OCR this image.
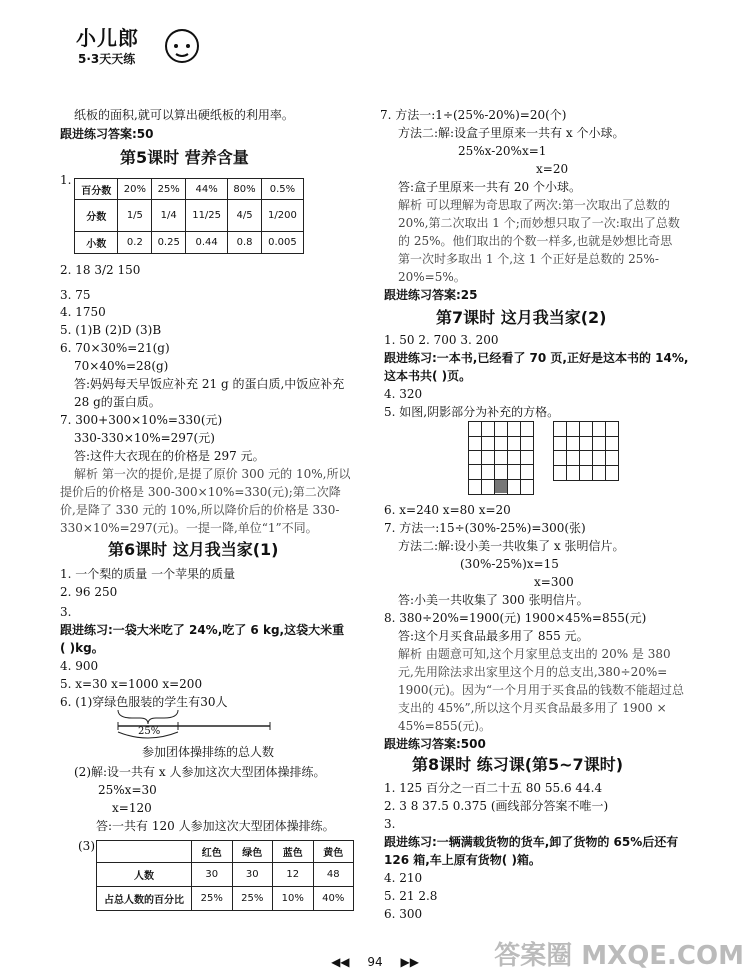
小儿郎
5·3天天练
纸板的面积,就可以算出硬纸板的利用率。
跟进练习答案:50
第5课时 营养含量
1.
百分数	20%	25%	44%	80%	0.5%
分数	1/5	1/4	11/25	4/5	1/200
小数	0.2	0.25	0.44	0.8	0.005
2. 18 3/2 150
3. 75
4. 1750
5. (1)B (2)D (3)B
6. 70×30%=21(g)
70×40%=28(g)
答:妈妈每天早饭应补充 21 g 的蛋白质,中饭应补充
28 g的蛋白质。
7. 300+300×10%=330(元)
330-330×10%=297(元)
答:这件大衣现在的价格是 297 元。
解析 第一次的提价,是提了原价 300 元的 10%,所以
提价后的价格是 300-300×10%=330(元);第二次降
价,是降了 330 元的 10%,所以降价后的价格是 330-
330×10%=297(元)。一提一降,单位“1”不同。
第6课时 这月我当家(1)
1. 一个梨的质量 一个苹果的质量
2. 96 250
3.
跟进练习:一袋大米吃了 24%,吃了 6 kg,这袋大米重
( )kg。
4. 900
5. x=30 x=1000 x=200
6. (1)穿绿色服装的学生有30人
25%
参加团体操排练的总人数
(2)解:设一共有 x 人参加这次大型团体操排练。
25%x=30
x=120
答:一共有 120 人参加这次大型团体操排练。
(3)
	红色	绿色	蓝色	黄色
人数	30	30	12	48
占总人数的百分比	25%	25%	10%	40%
7. 方法一:1÷(25%-20%)=20(个)
方法二:解:设盒子里原来一共有 x 个小球。
25%x-20%x=1
x=20
答:盒子里原来一共有 20 个小球。
解析 可以理解为奇思取了两次:第一次取出了总数的
20%,第二次取出 1 个;而妙想只取了一次:取出了总数
的 25%。他们取出的个数一样多,也就是妙想比奇思
第一次时多取出 1 个,这 1 个正好是总数的 25%-
20%=5%。
跟进练习答案:25
第7课时 这月我当家(2)
1. 50 2. 700 3. 200
跟进练习:一本书,已经看了 70 页,正好是这本书的 14%,
这本书共( )页。
4. 320
5. 如图,阴影部分为补充的方格。
6. x=240 x=80 x=20
7. 方法一:15÷(30%-25%)=300(张)
方法二:解:设小美一共收集了 x 张明信片。
(30%-25%)x=15
x=300
答:小美一共收集了 300 张明信片。
8. 380÷20%=1900(元) 1900×45%=855(元)
答:这个月买食品最多用了 855 元。
解析 由题意可知,这个月家里总支出的 20% 是 380
元,先用除法求出家里这个月的总支出,380÷20%=
1900(元)。因为“一个月用于买食品的钱数不能超过总
支出的 45%”,所以这个月买食品最多用了 1900 ×
45%=855(元)。
跟进练习答案:500
第8课时 练习课(第5~7课时)
1. 125 百分之一百二十五 80 55.6 44.4
2. 3 8 37.5 0.375 (画线部分答案不唯一)
3.
跟进练习:一辆满载货物的货车,卸了货物的 65%后还有
126 箱,车上原有货物( )箱。
4. 210
5. 21 2.8
6. 300
◀◀ 94 ▶▶	答案圈 MXQE.COM
